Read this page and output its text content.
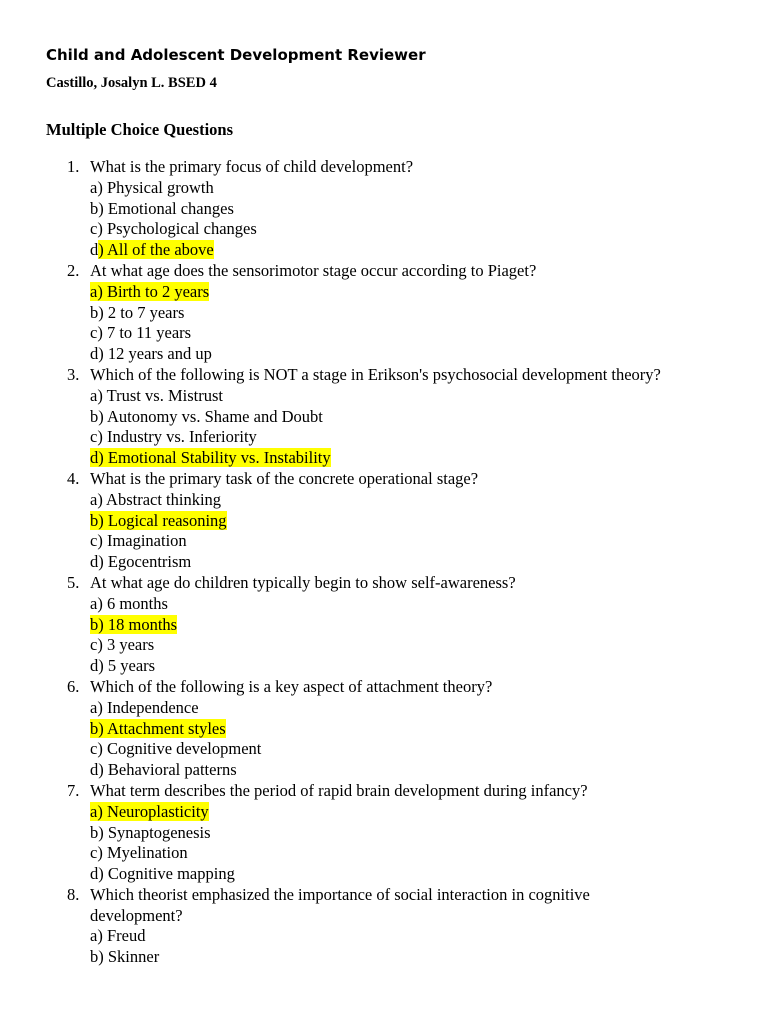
Child and Adolescent Development Reviewer
Castillo, Josalyn L. BSED 4
Multiple Choice Questions
1. What is the primary focus of child development?
a) Physical growth
b) Emotional changes
c) Psychological changes
d) All of the above
2. At what age does the sensorimotor stage occur according to Piaget?
a) Birth to 2 years
b) 2 to 7 years
c) 7 to 11 years
d) 12 years and up
3. Which of the following is NOT a stage in Erikson's psychosocial development theory?
a) Trust vs. Mistrust
b) Autonomy vs. Shame and Doubt
c) Industry vs. Inferiority
d) Emotional Stability vs. Instability
4. What is the primary task of the concrete operational stage?
a) Abstract thinking
b) Logical reasoning
c) Imagination
d) Egocentrism
5. At what age do children typically begin to show self-awareness?
a) 6 months
b) 18 months
c) 3 years
d) 5 years
6. Which of the following is a key aspect of attachment theory?
a) Independence
b) Attachment styles
c) Cognitive development
d) Behavioral patterns
7. What term describes the period of rapid brain development during infancy?
a) Neuroplasticity
b) Synaptogenesis
c) Myelination
d) Cognitive mapping
8. Which theorist emphasized the importance of social interaction in cognitive development?
a) Freud
b) Skinner
